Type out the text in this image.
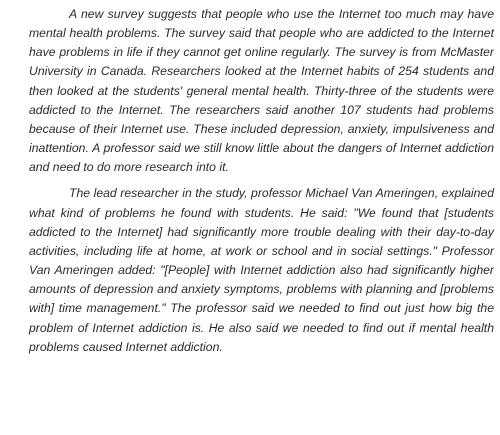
A new survey suggests that people who use the Internet too much may have mental health problems. The survey said that people who are addicted to the Internet have problems in life if they cannot get online regularly. The survey is from McMaster University in Canada. Researchers looked at the Internet habits of 254 students and then looked at the students' general mental health. Thirty-three of the students were addicted to the Internet. The researchers said another 107 students had problems because of their Internet use. These included depression, anxiety, impulsiveness and inattention. A professor said we still know little about the dangers of Internet addiction and need to do more research into it.

The lead researcher in the study, professor Michael Van Ameringen, explained what kind of problems he found with students. He said: "We found that [students addicted to the Internet] had significantly more trouble dealing with their day-to-day activities, including life at home, at work or school and in social settings." Professor Van Ameringen added: "[People] with Internet addiction also had significantly higher amounts of depression and anxiety symptoms, problems with planning and [problems with] time management." The professor said we needed to find out just how big the problem of Internet addiction is. He also said we needed to find out if mental health problems caused Internet addiction.
